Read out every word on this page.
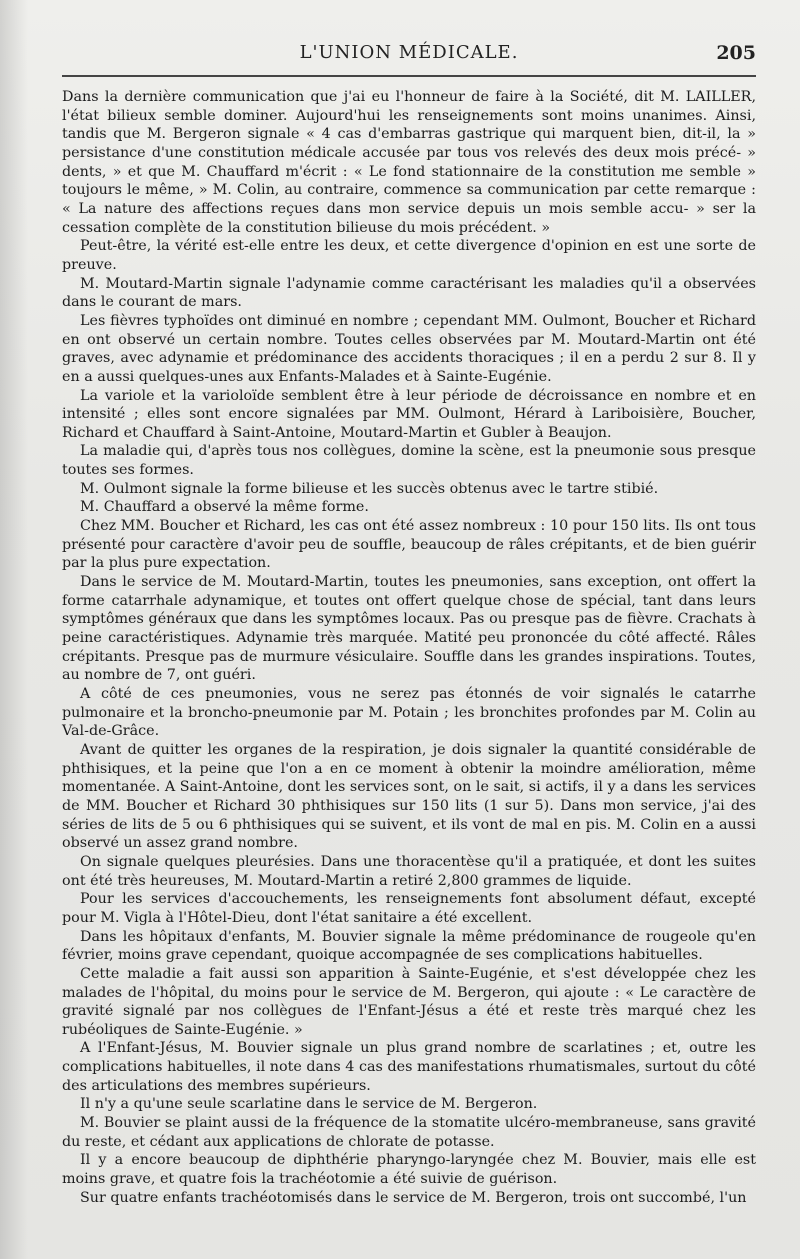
L'UNION MÉDICALE.	205

Dans la dernière communication que j'ai eu l'honneur de faire à la Société, dit M. LAILLER, l'état bilieux semble dominer. Aujourd'hui les renseignements sont moins unanimes. Ainsi, tandis que M. Bergeron signale « 4 cas d'embarras gastrique qui marquent bien, dit-il, la » persistance d'une constitution médicale accusée par tous vos relevés des deux mois précé- » dents, » et que M. Chauffard m'écrit : « Le fond stationnaire de la constitution me semble » toujours le même, » M. Colin, au contraire, commence sa communication par cette remarque : « La nature des affections reçues dans mon service depuis un mois semble accu- » ser la cessation complète de la constitution bilieuse du mois précédent. »

Peut-être, la vérité est-elle entre les deux, et cette divergence d'opinion en est une sorte de preuve.

M. Moutard-Martin signale l'adynamie comme caractérisant les maladies qu'il a observées dans le courant de mars.

Les fièvres typhoïdes ont diminué en nombre ; cependant MM. Oulmont, Boucher et Richard en ont observé un certain nombre. Toutes celles observées par M. Moutard-Martin ont été graves, avec adynamie et prédominance des accidents thoraciques ; il en a perdu 2 sur 8. Il y en a aussi quelques-unes aux Enfants-Malades et à Sainte-Eugénie.

La variole et la varioloïde semblent être à leur période de décroissance en nombre et en intensité ; elles sont encore signalées par MM. Oulmont, Hérard à Lariboisière, Boucher, Richard et Chauffard à Saint-Antoine, Moutard-Martin et Gubler à Beaujon.

La maladie qui, d'après tous nos collègues, domine la scène, est la pneumonie sous presque toutes ses formes.

M. Oulmont signale la forme bilieuse et les succès obtenus avec le tartre stibié.

M. Chauffard a observé la même forme.

Chez MM. Boucher et Richard, les cas ont été assez nombreux : 10 pour 150 lits. Ils ont tous présenté pour caractère d'avoir peu de souffle, beaucoup de râles crépitants, et de bien guérir par la plus pure expectation.

Dans le service de M. Moutard-Martin, toutes les pneumonies, sans exception, ont offert la forme catarrhale adynamique, et toutes ont offert quelque chose de spécial, tant dans leurs symptômes généraux que dans les symptômes locaux. Pas ou presque pas de fièvre. Crachats à peine caractéristiques. Adynamie très marquée. Matité peu prononcée du côté affecté. Râles crépitants. Presque pas de murmure vésiculaire. Souffle dans les grandes inspirations. Toutes, au nombre de 7, ont guéri.

A côté de ces pneumonies, vous ne serez pas étonnés de voir signalés le catarrhe pulmonaire et la broncho-pneumonie par M. Potain ; les bronchites profondes par M. Colin au Val-de-Grâce.

Avant de quitter les organes de la respiration, je dois signaler la quantité considérable de phthisiques, et la peine que l'on a en ce moment à obtenir la moindre amélioration, même momentanée. A Saint-Antoine, dont les services sont, on le sait, si actifs, il y a dans les services de MM. Boucher et Richard 30 phthisiques sur 150 lits (1 sur 5). Dans mon service, j'ai des séries de lits de 5 ou 6 phthisiques qui se suivent, et ils vont de mal en pis. M. Colin en a aussi observé un assez grand nombre.

On signale quelques pleurésies. Dans une thoracentèse qu'il a pratiquée, et dont les suites ont été très heureuses, M. Moutard-Martin a retiré 2,800 grammes de liquide.

Pour les services d'accouchements, les renseignements font absolument défaut, excepté pour M. Vigla à l'Hôtel-Dieu, dont l'état sanitaire a été excellent.

Dans les hôpitaux d'enfants, M. Bouvier signale la même prédominance de rougeole qu'en février, moins grave cependant, quoique accompagnée de ses complications habituelles.

Cette maladie a fait aussi son apparition à Sainte-Eugénie, et s'est développée chez les malades de l'hôpital, du moins pour le service de M. Bergeron, qui ajoute : « Le caractère de gravité signalé par nos collègues de l'Enfant-Jésus a été et reste très marqué chez les rubéoliques de Sainte-Eugénie. »

A l'Enfant-Jésus, M. Bouvier signale un plus grand nombre de scarlatines ; et, outre les complications habituelles, il note dans 4 cas des manifestations rhumatismales, surtout du côté des articulations des membres supérieurs.

Il n'y a qu'une seule scarlatine dans le service de M. Bergeron.

M. Bouvier se plaint aussi de la fréquence de la stomatite ulcéro-membraneuse, sans gravité du reste, et cédant aux applications de chlorate de potasse.

Il y a encore beaucoup de diphthérie pharyngo-laryngée chez M. Bouvier, mais elle est moins grave, et quatre fois la trachéotomie a été suivie de guérison.

Sur quatre enfants trachéotomisés dans le service de M. Bergeron, trois ont succombé, l'un
